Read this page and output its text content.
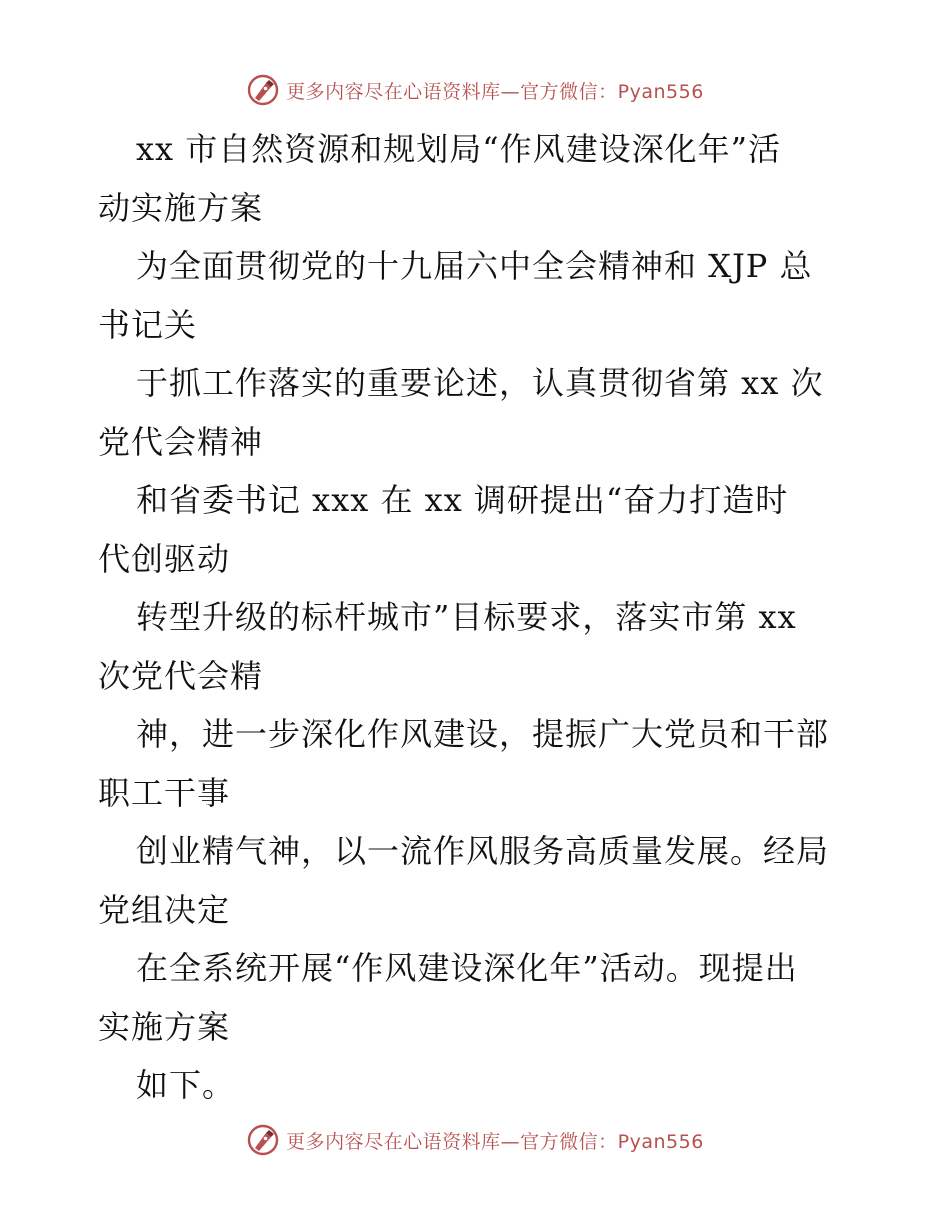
更多内容尽在心语资料库—官方微信：Pyan556
xx 市自然资源和规划局“作风建设深化年”活
动实施方案
为全面贯彻党的十九届六中全会精神和 XJP 总
书记关
于抓工作落实的重要论述，认真贯彻省第 xx 次
党代会精神
和省委书记 xxx 在 xx 调研提出“奋力打造时
代创驱动
转型升级的标杆城市”目标要求，落实市第 xx
次党代会精
神，进一步深化作风建设，提振广大党员和干部
职工干事
创业精气神，以一流作风服务高质量发展。经局
党组决定
在全系统开展“作风建设深化年”活动。现提出
实施方案
如下。
更多内容尽在心语资料库—官方微信：Pyan556
